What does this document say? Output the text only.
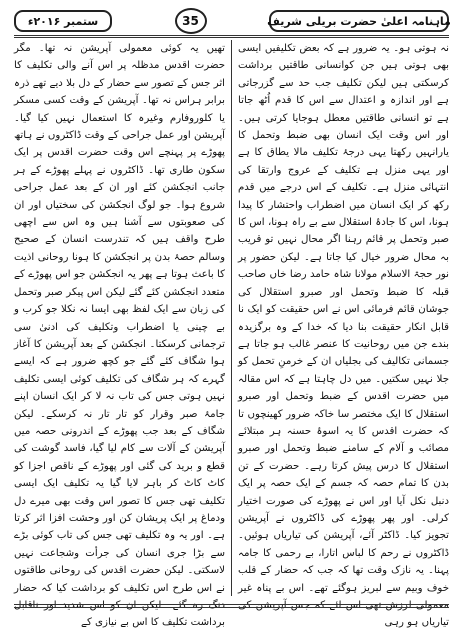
ستمبر ۲۰۱۶ء	35	ماہنامہ اعلیٰ حضرت بریلی شریف

نہ ہوتی ہو۔ یہ ضرور ہے کہ بعض تکلیفیں ایسی بھی ہوتی ہیں جن کوانسانی طاقتیں برداشت کرسکتی ہیں لیکن تکلیف جب حد سے گزرجاتی ہے اور اندازہ و اعتدال سے اس کا قدم اُٹھ جاتا ہے تو انسانی طاقتیں معطل ہوجایا کرتی ہیں۔ اور اس وقت ایک انسان بھی ضبط وتحمل کا یارانہیں رکھتا یہی درجۂ تکلیف مالا یطاق کا ہے اور یہی منزل ہے تکلیف کے عروج وارتقا کی انتہائی منزل ہے۔ تکلیف کے اس درجے میں قدم رکھ کر ایک انسان میں اضطراب واحتشار کا پیدا ہونا، اس کا جادۂ استقلال سے بے راہ ہونا، اس کا صبر وتحمل پر قائم رہنا اگر محال نہیں تو قریب بہ محال ضرور خیال کیا جاتا ہے۔ لیکن حضور پر نور حجۃ الاسلام مولانا شاہ حامد رضا خاں صاحب قبلہ کا ضبط وتحمل اور صبرو استقلال کی جوشان قائم فرمائی اس نے اس حقیقت کو ایک نا قابل انکار حقیقت بنا دیا کہ خدا کے وہ برگزیدہ بندے جن میں روحانیت کا عنصر غالب ہو جاتا ہے جسمانی تکالیف کی بجلیاں ان کے خرمنِ تحمل کو جلا نہیں سکتیں۔ میں دل چاہتا ہے کہ اس مقالہ میں حضرت اقدس کے ضبط وتحمل اور صبرو استقلال کا ایک مختصر سا خاکہ ضرور کھینچوں تا کہ حضرت اقدس کا یہ اسوۂ حسنہ ہر مبتلائے مصائب و آلام کے سامنے ضبط وتحمل اور صبرو استقلال کا درس پیش کرتا رہے۔ حضرت کے تن بدن کا تمام حصہ کہ جسم کے ایک حصہ پر ایک دنبل نکل آیا اور اس نے پھوڑے کی صورت اختیار کرلی۔ اور پھر پھوڑے کی ڈاکٹروں نے آپریشن تجویز کیا۔ ڈاکٹر آئے، آپریشن کی تیاریاں ہوئیں۔ ڈاکٹروں نے رحم کا لباس اتارا، بے رحمی کا جامہ پہنا۔ یہ نازک وقت تھا کہ جب کہ حضار کے قلب خوف وبیم سے لبریز ہوگئے تھے۔ اس بے پناہ غیر معمولی لرزش تھی اس لئے کہ جس آپریشن کی تیاریاں ہو رہی

تھیں یہ کوئی معمولی آپریشن نہ تھا۔ مگر حضرت اقدس مدظلہ پر اس آنے والی تکلیف کا اثر جس کے تصور سے حضار کے دل بلا دیے تھے ذرہ برابر ہراس نہ تھا۔ آپریشن کے وقت کسی مسکر یا کلوروفارم وغیرہ کا استعمال نہیں کیا گیا۔ آپریشن اور عمل جراحی کے وقت ڈاکٹروں نے ہاتھ پھوڑے پر پہنچے اس وقت حضرت اقدس پر ایک سکون طاری تھا۔ ڈاکٹروں نے پہلے پھوڑے کے ہر جانب انجکشن کئے اور ان کے بعد عمل جراحی شروع ہوا۔ جو لوگ انجکشن کی سختیاں اور ان کی صعوبتوں سے آشنا ہیں وہ اس سے اچھی طرح واقف ہیں کہ تندرست انسان کے صحیح وسالم حصۂ بدن پر انجکشن کا ہونا روحانی اذیت کا باعث ہوتا ہے پھر یہ انجکشن جو اس پھوڑے کے متعدد انجکشن کئے گئے لیکن اس پیکر صبر وتحمل کی زبان سے ایک لفظ بھی ایسا نہ نکلا جو کرب و بے چینی یا اضطراب وتکلیف کی ادنیٰ سی ترجمانی کرسکتا۔ انجکشن کے بعد آپریشن کا آغاز ہوا شگاف کئے گئے جو کچھ ضرور ہے کہ ایسے گہرے کہ ہر شگاف کی تکلیف کوئی ایسی تکلیف نہیں ہوتی جس کی تاب نہ لا کر ایک انسان اپنے جامۂ صبر وقرار کو تار تار نہ کرسکے۔ لیکن شگاف کے بعد جب پھوڑے کے اندرونی حصہ میں آپریشن کے آلات سے کام لیا گیا، فاسد گوشت کی قطع و برید کی گئی اور پھوڑے کے ناقص اجزا کو کاٹ کاٹ کر باہر لایا گیا یہ تکلیف ایک ایسی تکلیف تھی جس کا تصور اس وقت بھی میرے دل ودماغ پر ایک پریشان کن اور وحشت افزا اثر کرتا ہے۔ اور یہ وہ تکلیف تھی جس کی تاب کوئی بڑے سے بڑا جری انسان کی جرأت وشجاعت نہیں لاسکتی۔ لیکن حضرت اقدس کی روحانی طاقتوں نے اس طرح اس تکلیف کو برداشت کیا کہ حضار دنگ رہ گئے۔ لیکن ان کو اس شدید اور ناقابل برداشت تکلیف کا اس بے نیازی کے
